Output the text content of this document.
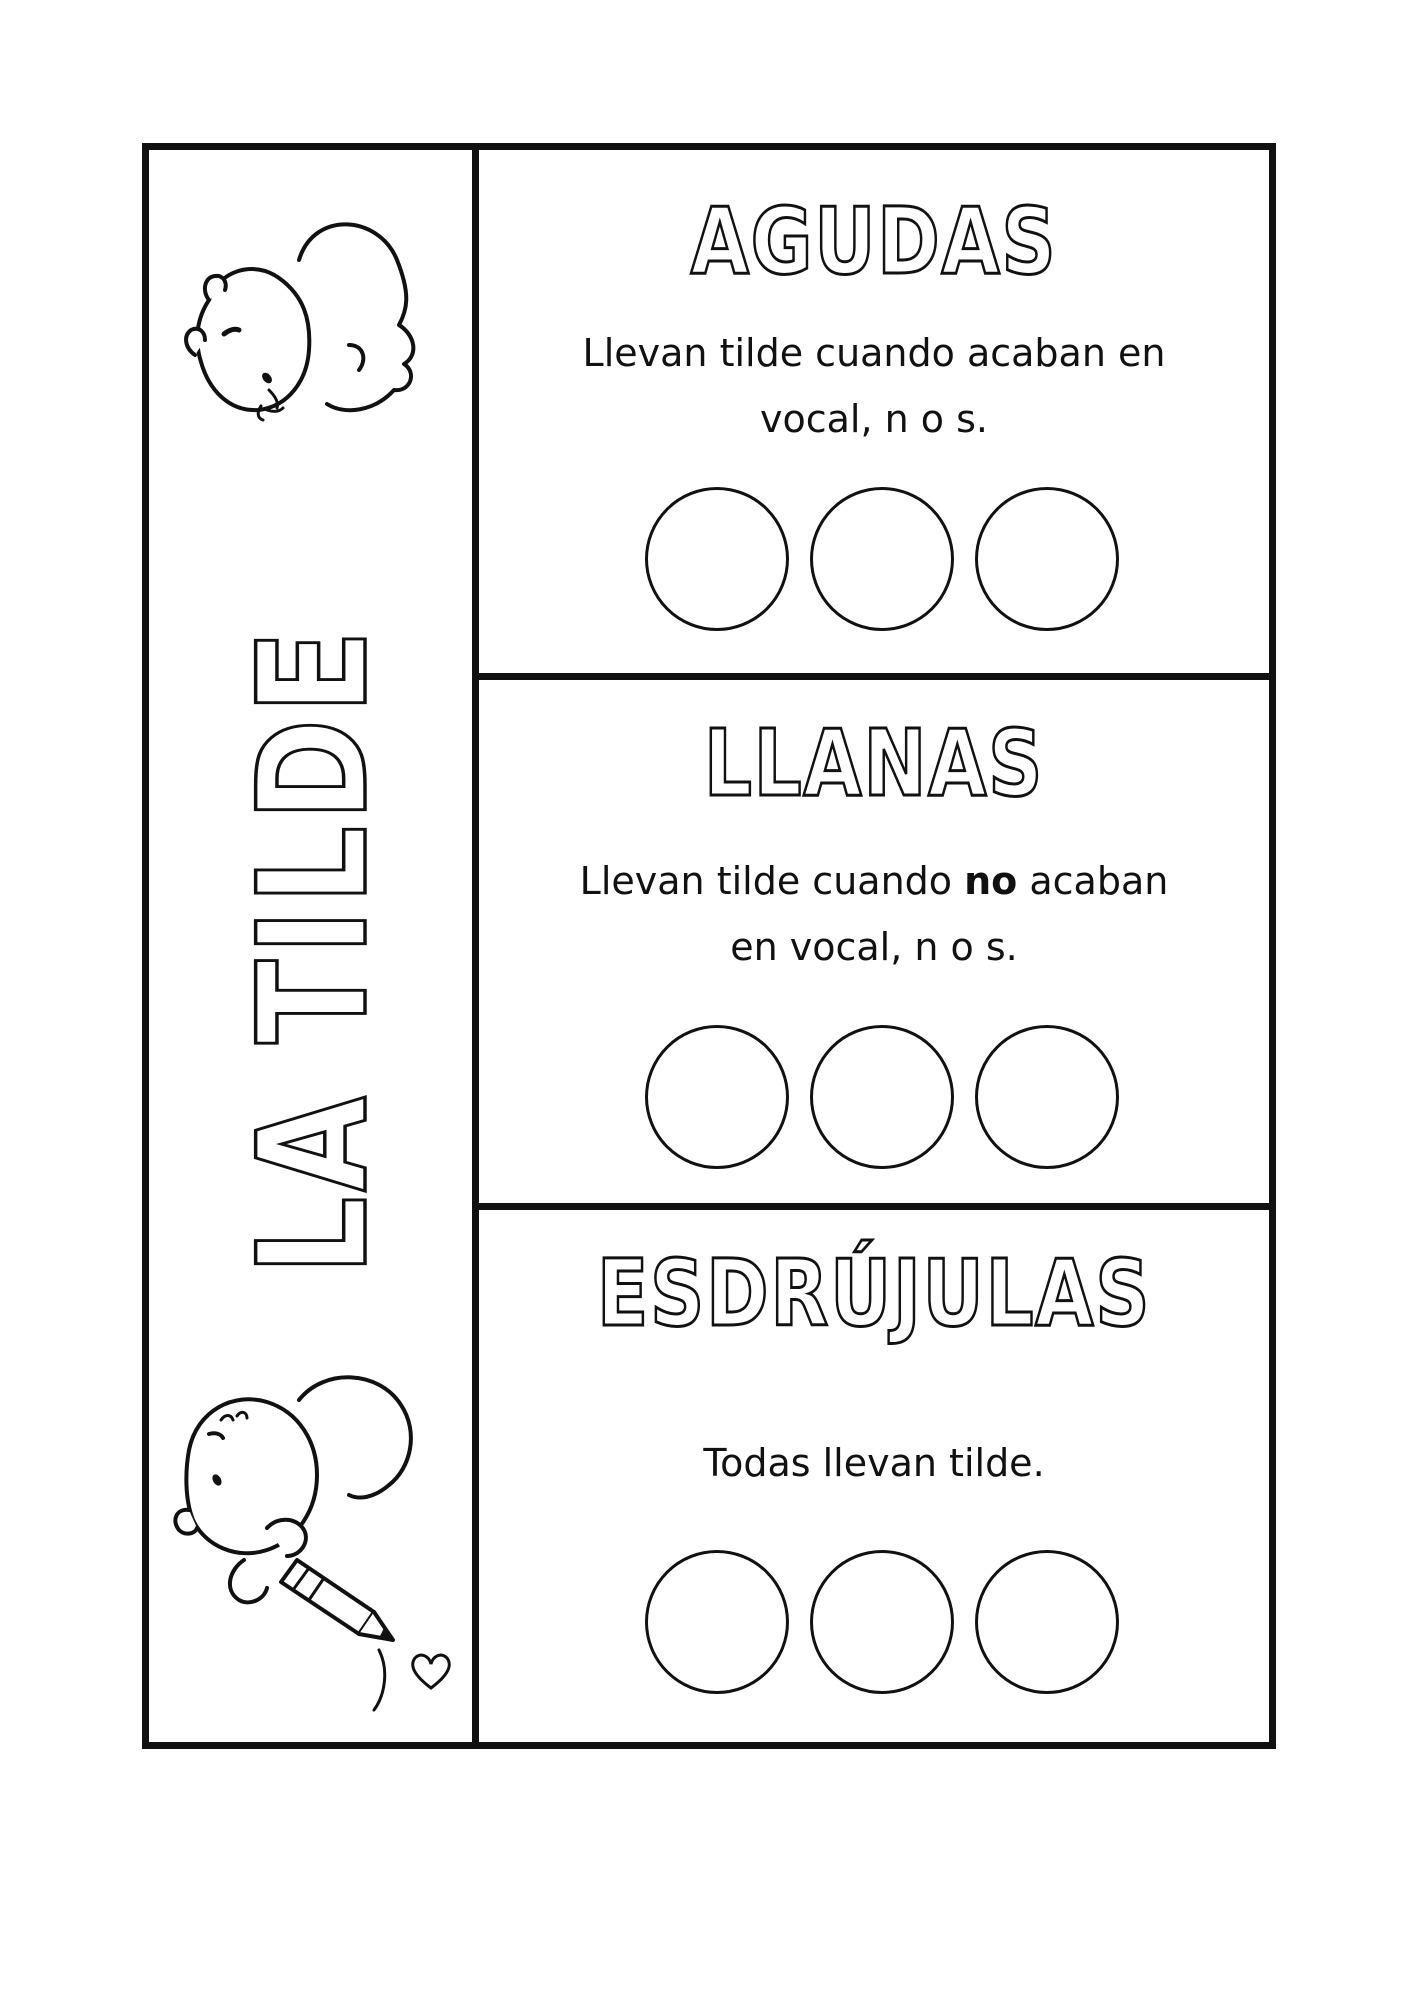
LA TILDE
AGUDAS
Llevan tilde cuando acaban en
vocal, n o s.
LLANAS
Llevan tilde cuando no acaban
en vocal, n o s.
ESDRÚJULAS
Todas llevan tilde.
